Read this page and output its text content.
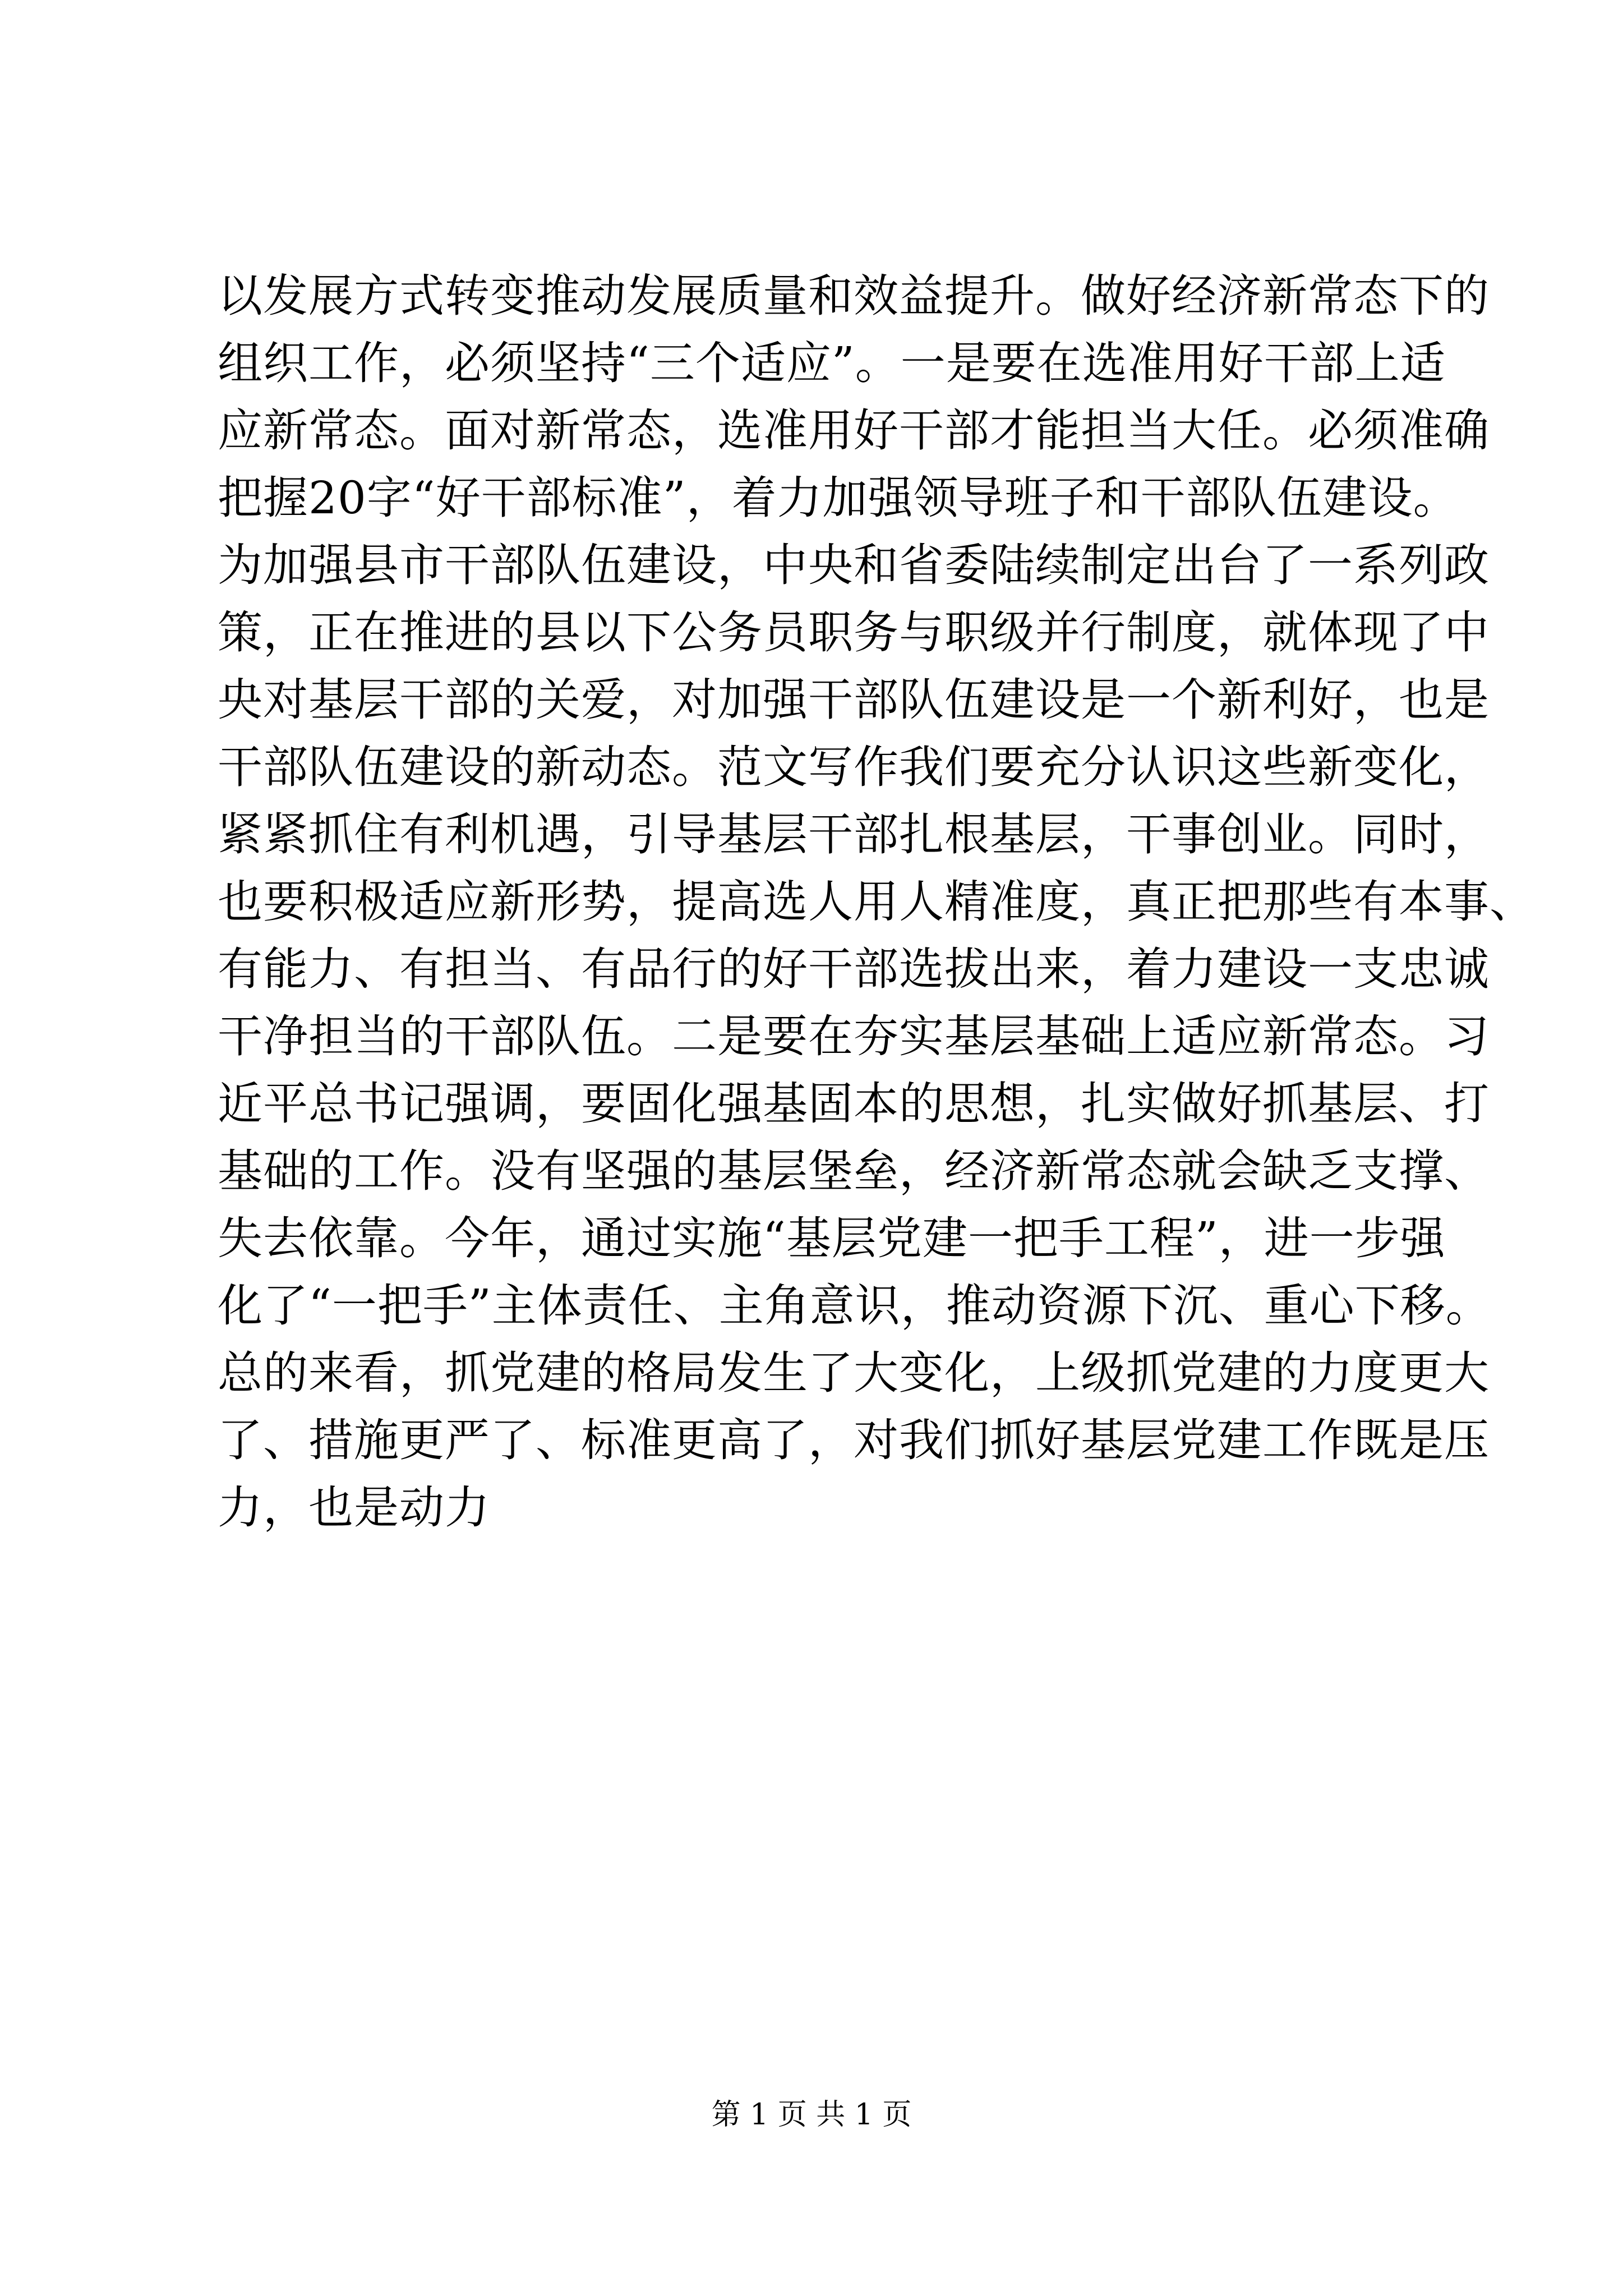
以发展方式转变推动发展质量和效益提升。做好经济新常态下的
组织工作，必须坚持“三个适应”。一是要在选准用好干部上适
应新常态。面对新常态，选准用好干部才能担当大任。必须准确
把握20字“好干部标准”，着力加强领导班子和干部队伍建设。
为加强县市干部队伍建设，中央和省委陆续制定出台了一系列政
策，正在推进的县以下公务员职务与职级并行制度，就体现了中
央对基层干部的关爱，对加强干部队伍建设是一个新利好，也是
干部队伍建设的新动态。范文写作我们要充分认识这些新变化，
紧紧抓住有利机遇，引导基层干部扎根基层，干事创业。同时，
也要积极适应新形势，提高选人用人精准度，真正把那些有本事、
有能力、有担当、有品行的好干部选拔出来，着力建设一支忠诚
干净担当的干部队伍。二是要在夯实基层基础上适应新常态。习
近平总书记强调，要固化强基固本的思想，扎实做好抓基层、打
基础的工作。没有坚强的基层堡垒，经济新常态就会缺乏支撑、
失去依靠。今年，通过实施“基层党建一把手工程”，进一步强
化了“一把手”主体责任、主角意识，推动资源下沉、重心下移。
总的来看，抓党建的格局发生了大变化，上级抓党建的力度更大
了、措施更严了、标准更高了，对我们抓好基层党建工作既是压
力，也是动力
第 1 页 共 1 页
